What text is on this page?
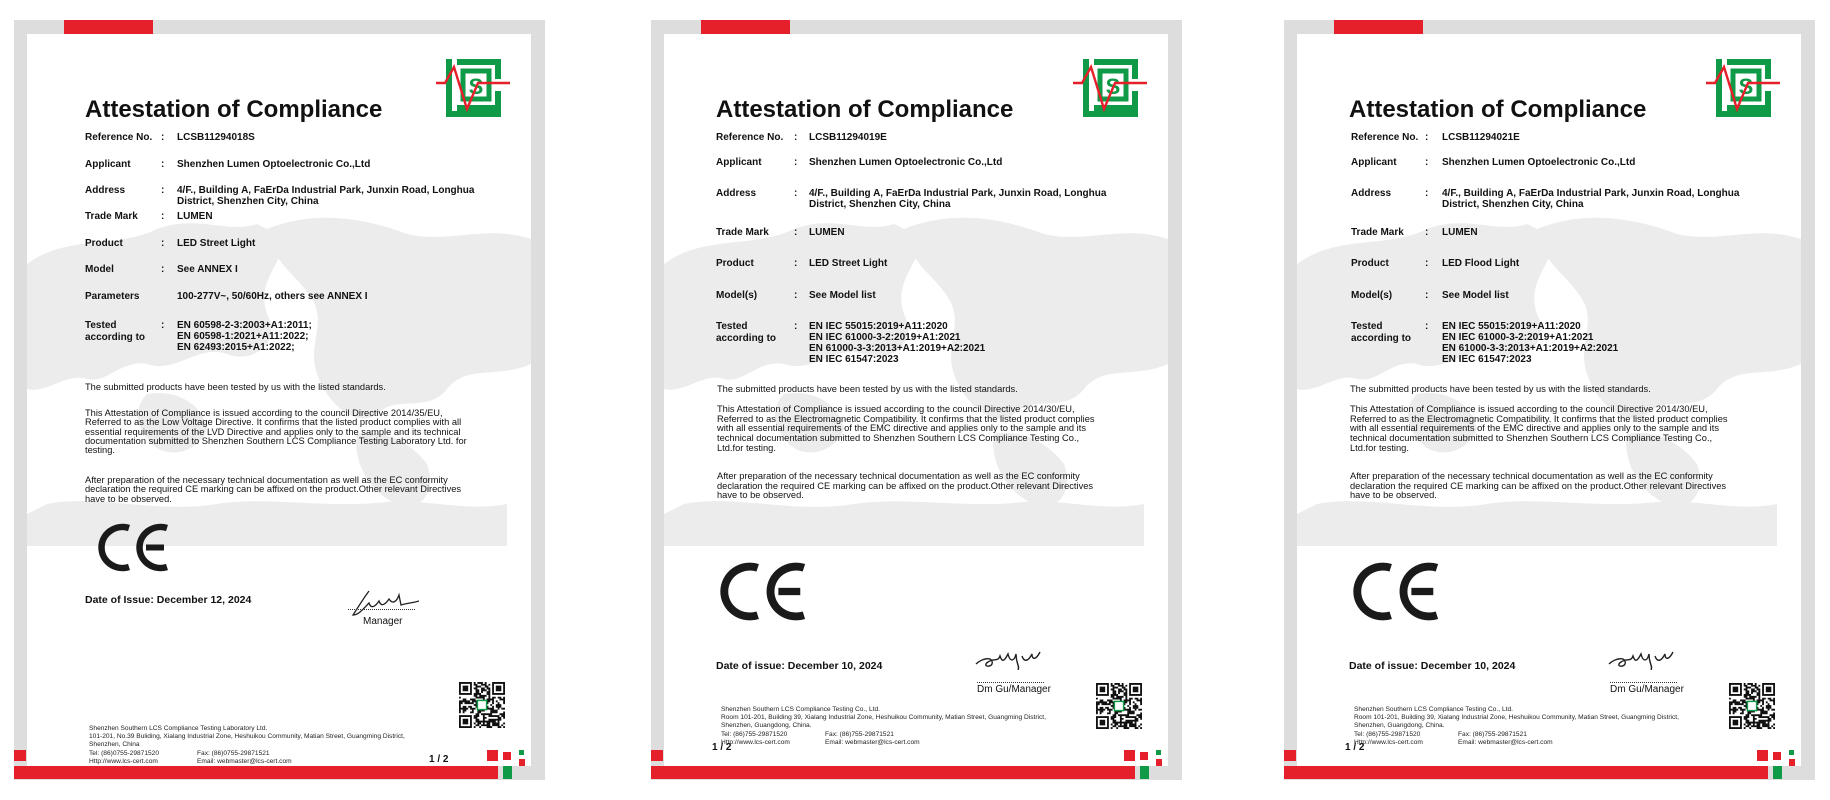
Attestation of Compliance
S
Reference No. : LCSB11294018S
Applicant	: Shenzhen Lumen Optoelectronic Co.,Ltd
Address	: 4/F., Building A, FaErDa Industrial Park, Junxin Road, Longhua
District, Shenzhen City, China
Trade Mark : LUMEN
Product	: LED Street Light
Model	: See ANNEX I
Parameters	100-277V~, 50/60Hz, others see ANNEX I
Tested
according to
: EN 60598-2-3:2003+A1:2011;
EN 60598-1:2021+A11:2022;
EN 62493:2015+A1:2022;
The submitted products have been tested by us with the listed standards.
This Attestation of Compliance is issued according to the council Directive 2014/35/EU,
Referred to as the Low Voltage Directive. It confirms that the listed product complies with all
essential requirements of the LVD Directive and applies only to the sample and its technical
documentation submitted to Shenzhen Southern LCS Compliance Testing Laboratory Ltd. for
testing.
After preparation of the necessary technical documentation as well as the EC conformity
declaration the required CE marking can be affixed on the product.Other relevant Directives
have to be observed.
Date of Issue: December 12, 2024
Manager
Shenzhen Southern LCS Compliance Testing Laboratory Ltd.
101-201, No.39 Buliding, Xialang Industrial Zone, Heshuikou Community, Matian Street, Guangming District,
Shenzhen, China
Tel: (86)0755-29871520	Fax: (86)0755-29871521
Http://www.lcs-cert.com	Email: webmaster@lcs-cert.com	1 / 2
Attestation of Compliance
S
Reference No. : LCSB11294019E
Applicant	: Shenzhen Lumen Optoelectronic Co.,Ltd
Address	: 4/F., Building A, FaErDa Industrial Park, Junxin Road, Longhua
District, Shenzhen City, China
Trade Mark	: LUMEN
Product	: LED Street Light
Model(s)	: See Model list
Tested
according to
: EN IEC 55015:2019+A11:2020
EN IEC 61000-3-2:2019+A1:2021
EN 61000-3-3:2013+A1:2019+A2:2021
EN IEC 61547:2023
The submitted products have been tested by us with the listed standards.
This Attestation of Compliance is issued according to the council Directive 2014/30/EU,
Referred to as the Electromagnetic Compatibility. It confirms that the listed product complies
with all essential requirements of the EMC directive and applies only to the sample and its
technical documentation submitted to Shenzhen Southern LCS Compliance Testing Co.,
Ltd.for testing.
After preparation of the necessary technical documentation as well as the EC conformity
declaration the required CE marking can be affixed on the product.Other relevant Directives
have to be observed.
Date of issue: December 10, 2024
Dm Gu/Manager
Shenzhen Southern LCS Compliance Testing Co., Ltd.
Room 101-201, Building 39, Xialang Industrial Zone, Heshuikou Community, Matian Street, Guangming District,
Shenzhen, Guangdong, China.
Tel: (86)755-29871520	Fax: (86)755-29871521
Http://www.lcs-cert.com	Email: webmaster@lcs-cert.com
1 / 2
Attestation of Compliance
S
Reference No. : LCSB11294021E
Applicant	: Shenzhen Lumen Optoelectronic Co.,Ltd
Address	: 4/F., Building A, FaErDa Industrial Park, Junxin Road, Longhua
District, Shenzhen City, China
Trade Mark : LUMEN
Product	: LED Flood Light
Model(s)	: See Model list
Tested
according to
: EN IEC 55015:2019+A11:2020
EN IEC 61000-3-2:2019+A1:2021
EN 61000-3-3:2013+A1:2019+A2:2021
EN IEC 61547:2023
The submitted products have been tested by us with the listed standards.
This Attestation of Compliance is issued according to the council Directive 2014/30/EU,
Referred to as the Electromagnetic Compatibility. It confirms that the listed product complies
with all essential requirements of the EMC directive and applies only to the sample and its
technical documentation submitted to Shenzhen Southern LCS Compliance Testing Co.,
Ltd.for testing.
After preparation of the necessary technical documentation as well as the EC conformity
declaration the required CE marking can be affixed on the product.Other relevant Directives
have to be observed.
Date of issue: December 10, 2024
Dm Gu/Manager
Shenzhen Southern LCS Compliance Testing Co., Ltd.
Room 101-201, Building 39, Xialang Industrial Zone, Heshuikou Community, Matian Street, Guangming District,
Shenzhen, Guangdong, China.
Tel: (86)755-29871520	Fax: (86)755-29871521
Http://www.lcs-cert.com	Email: webmaster@lcs-cert.com
1 / 2
